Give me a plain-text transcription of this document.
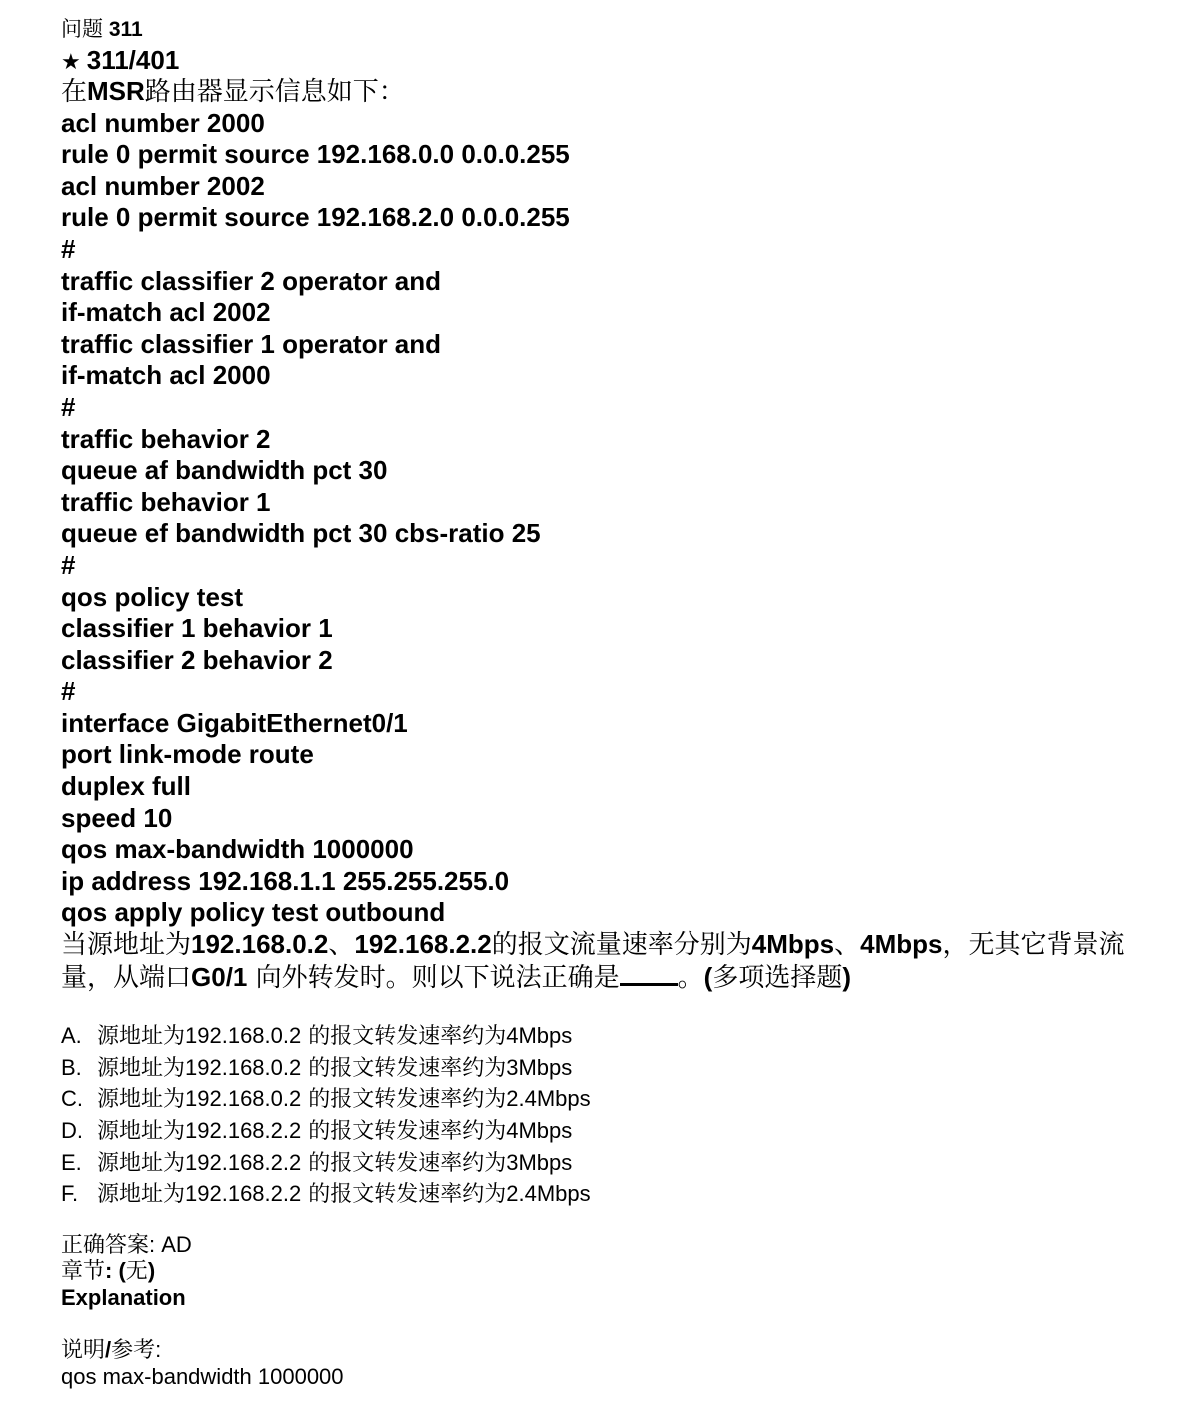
问题 311
★ 311/401
在MSR路由器显示信息如下：
acl number 2000
rule 0 permit source 192.168.0.0 0.0.0.255
acl number 2002
rule 0 permit source 192.168.2.0 0.0.0.255
#
traffic classifier 2 operator and
if-match acl 2002
traffic classifier 1 operator and
if-match acl 2000
#
traffic behavior 2
queue af bandwidth pct 30
traffic behavior 1
queue ef bandwidth pct 30 cbs-ratio 25
#
qos policy test
classifier 1 behavior 1
classifier 2 behavior 2
#
interface GigabitEthernet0/1
port link-mode route
duplex full
speed 10
qos max-bandwidth 1000000
ip address 192.168.1.1 255.255.255.0
qos apply policy test outbound
当源地址为192.168.0.2、192.168.2.2的报文流量速率分别为4Mbps、4Mbps，无其它背景流量，从端口G0/1 向外转发时。则以下说法正确是 。(多项选择题)
A. 源地址为192.168.0.2 的报文转发速率约为4Mbps
B. 源地址为192.168.0.2 的报文转发速率约为3Mbps
C. 源地址为192.168.0.2 的报文转发速率约为2.4Mbps
D. 源地址为192.168.2.2 的报文转发速率约为4Mbps
E. 源地址为192.168.2.2 的报文转发速率约为3Mbps
F. 源地址为192.168.2.2 的报文转发速率约为2.4Mbps
正确答案: AD
章节: (无)
Explanation
说明/参考:
qos max-bandwidth 1000000
